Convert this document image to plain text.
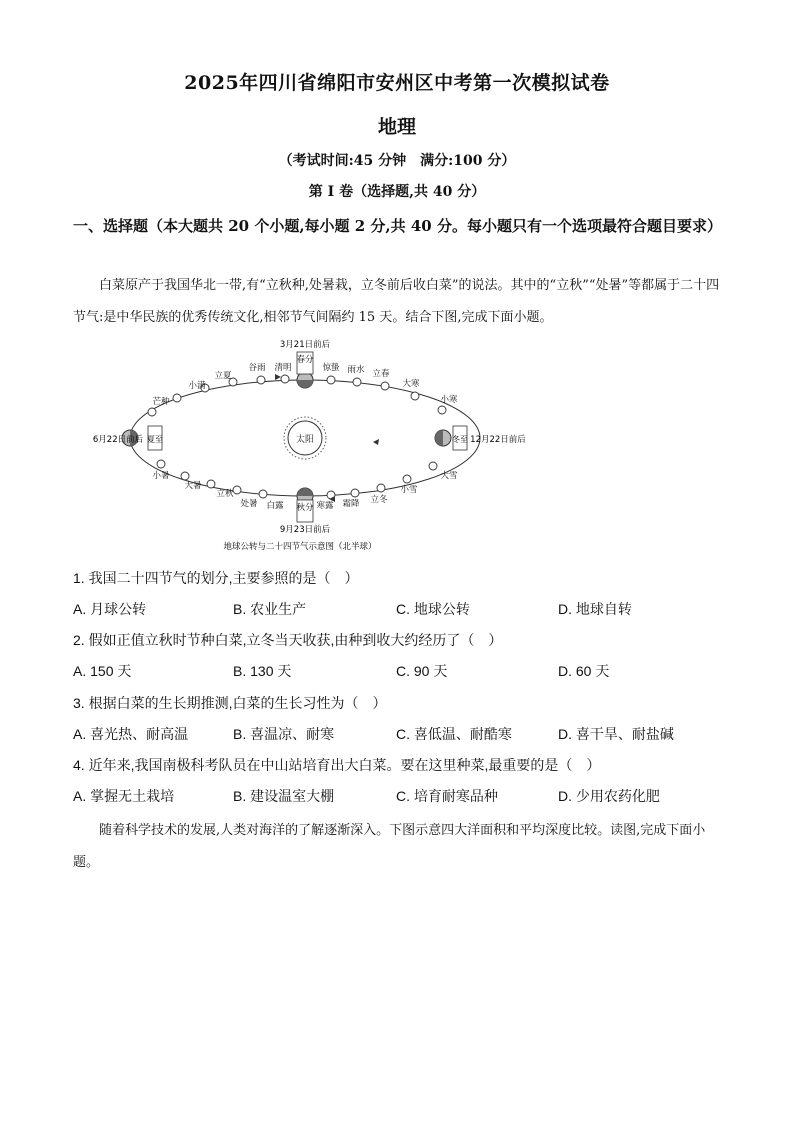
2025年四川省绵阳市安州区中考第一次模拟试卷
地理
（考试时间:45 分钟　满分:100 分）
第 I 卷（选择题,共 40 分）
一、选择题（本大题共 20 个小题,每小题 2 分,共 40 分。每小题只有一个选项最符合题目要求）
白菜原产于我国华北一带,有“立秋种,处暑栽，立冬前后收白菜”的说法。其中的“立秋”“处暑”等都属于二十四节气:是中华民族的优秀传统文化,相邻节气间隔约 15 天。结合下图,完成下面小题。
太阳
春分
3月21日前后
秋分
9月23日前后
夏至
6月22日前后	冬至 12月22日前后
谷雨 清明	惊蛰 雨水 立春
大寒
小寒
立夏
小满
芒种
小暑
大暑
立秋
处暑 白露	寒露 霜降 立冬
小雪
大雪
地球公转与二十四节气示意图（北半球）
1. 我国二十四节气的划分,主要参照的是（　）
A. 月球公转	B. 农业生产	C. 地球公转	D. 地球自转
2. 假如正值立秋时节种白菜,立冬当天收获,由种到收大约经历了（　）
A. 150 天	B. 130 天	C. 90 天	D. 60 天
3. 根据白菜的生长期推测,白菜的生长习性为（　）
A. 喜光热、耐高温	B. 喜温凉、耐寒	C. 喜低温、耐酷寒	D. 喜干旱、耐盐碱
4. 近年来,我国南极科考队员在中山站培育出大白菜。要在这里种菜,最重要的是（　）
A. 掌握无土栽培	B. 建设温室大棚	C. 培育耐寒品种	D. 少用农药化肥
随着科学技术的发展,人类对海洋的了解逐渐深入。下图示意四大洋面积和平均深度比较。读图,完成下面小题。
